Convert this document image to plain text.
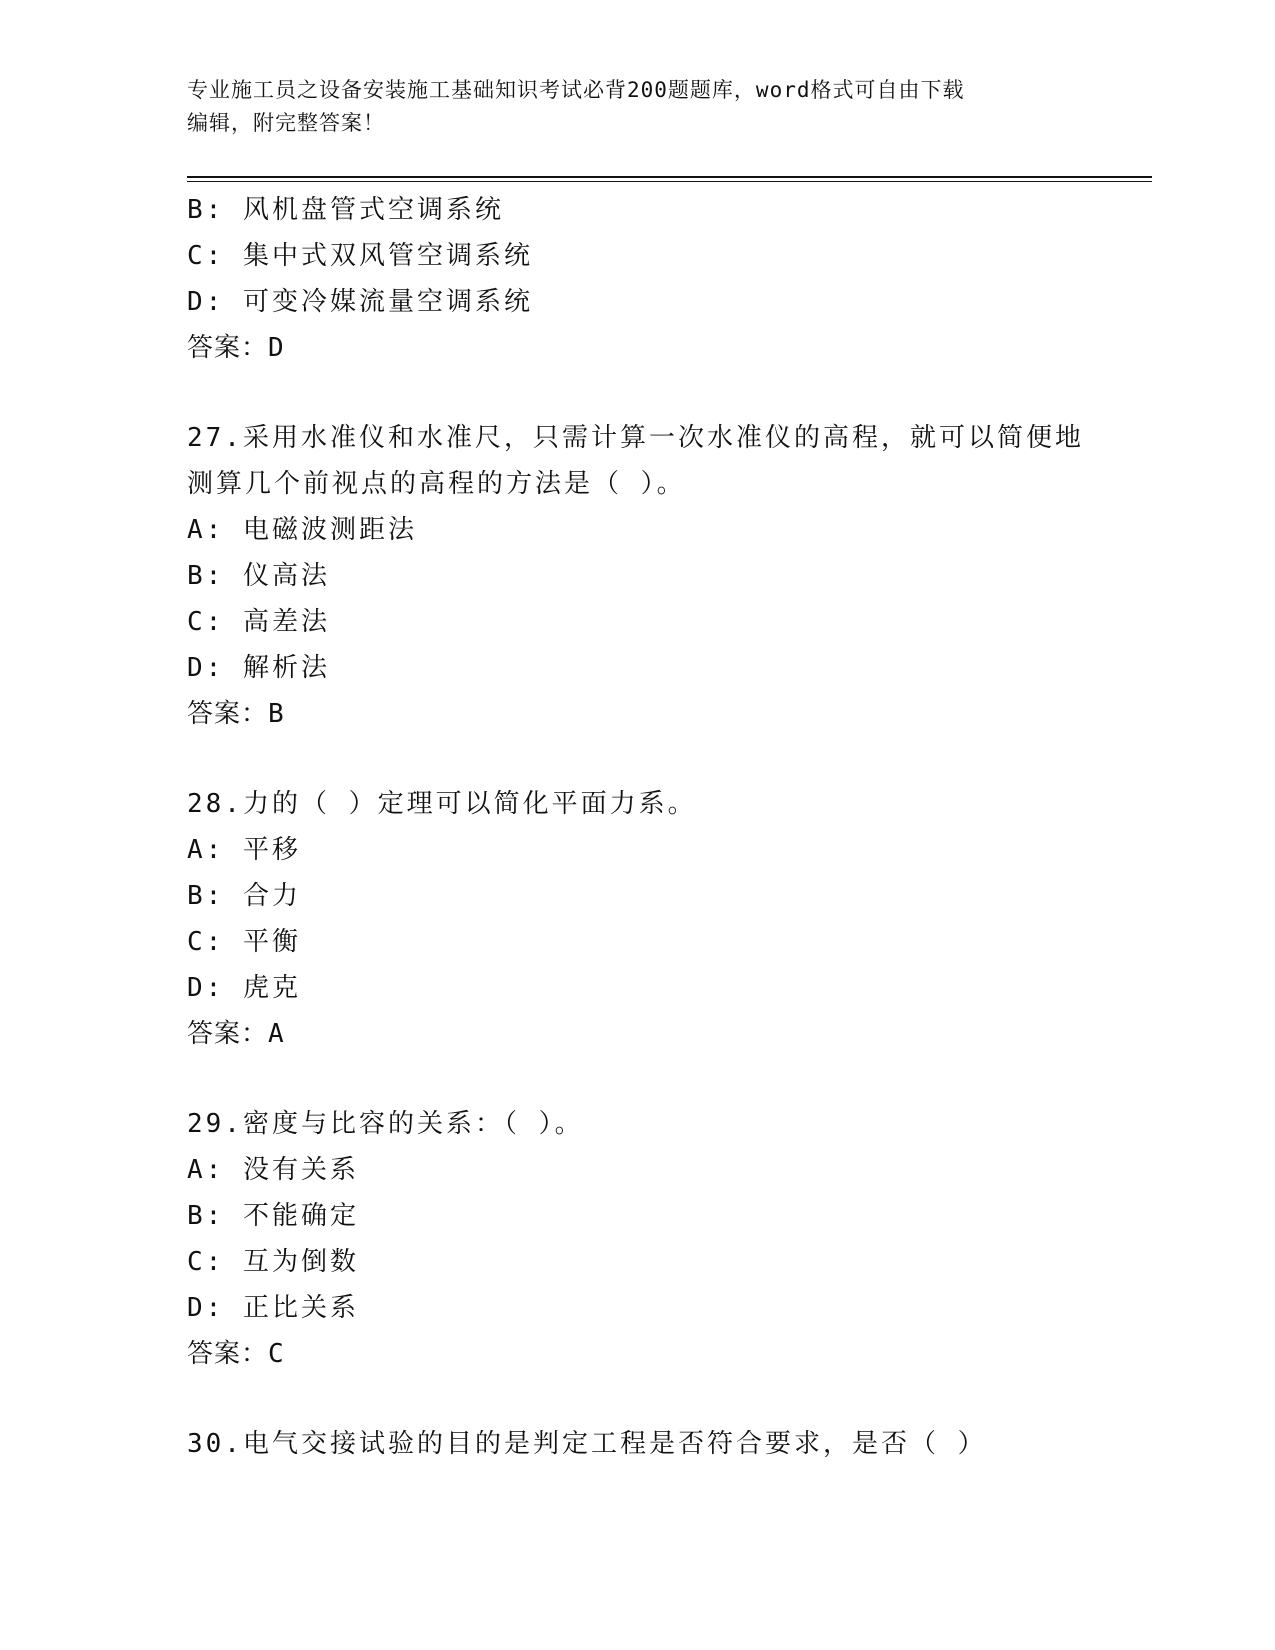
专业施工员之设备安装施工基础知识考试必背200题题库，word格式可自由下载
编辑，附完整答案！
B: 风机盘管式空调系统
C: 集中式双风管空调系统
D: 可变冷媒流量空调系统
答案：D
27.采用水准仪和水准尺，只需计算一次水准仪的高程，就可以简便地
测算几个前视点的高程的方法是（ ）。
A: 电磁波测距法
B: 仪高法
C: 高差法
D: 解析法
答案：B
28.力的（ ）定理可以简化平面力系。
A: 平移
B: 合力
C: 平衡
D: 虎克
答案：A
29.密度与比容的关系：（ ）。
A: 没有关系
B: 不能确定
C: 互为倒数
D: 正比关系
答案：C
30.电气交接试验的目的是判定工程是否符合要求，是否（ ）
